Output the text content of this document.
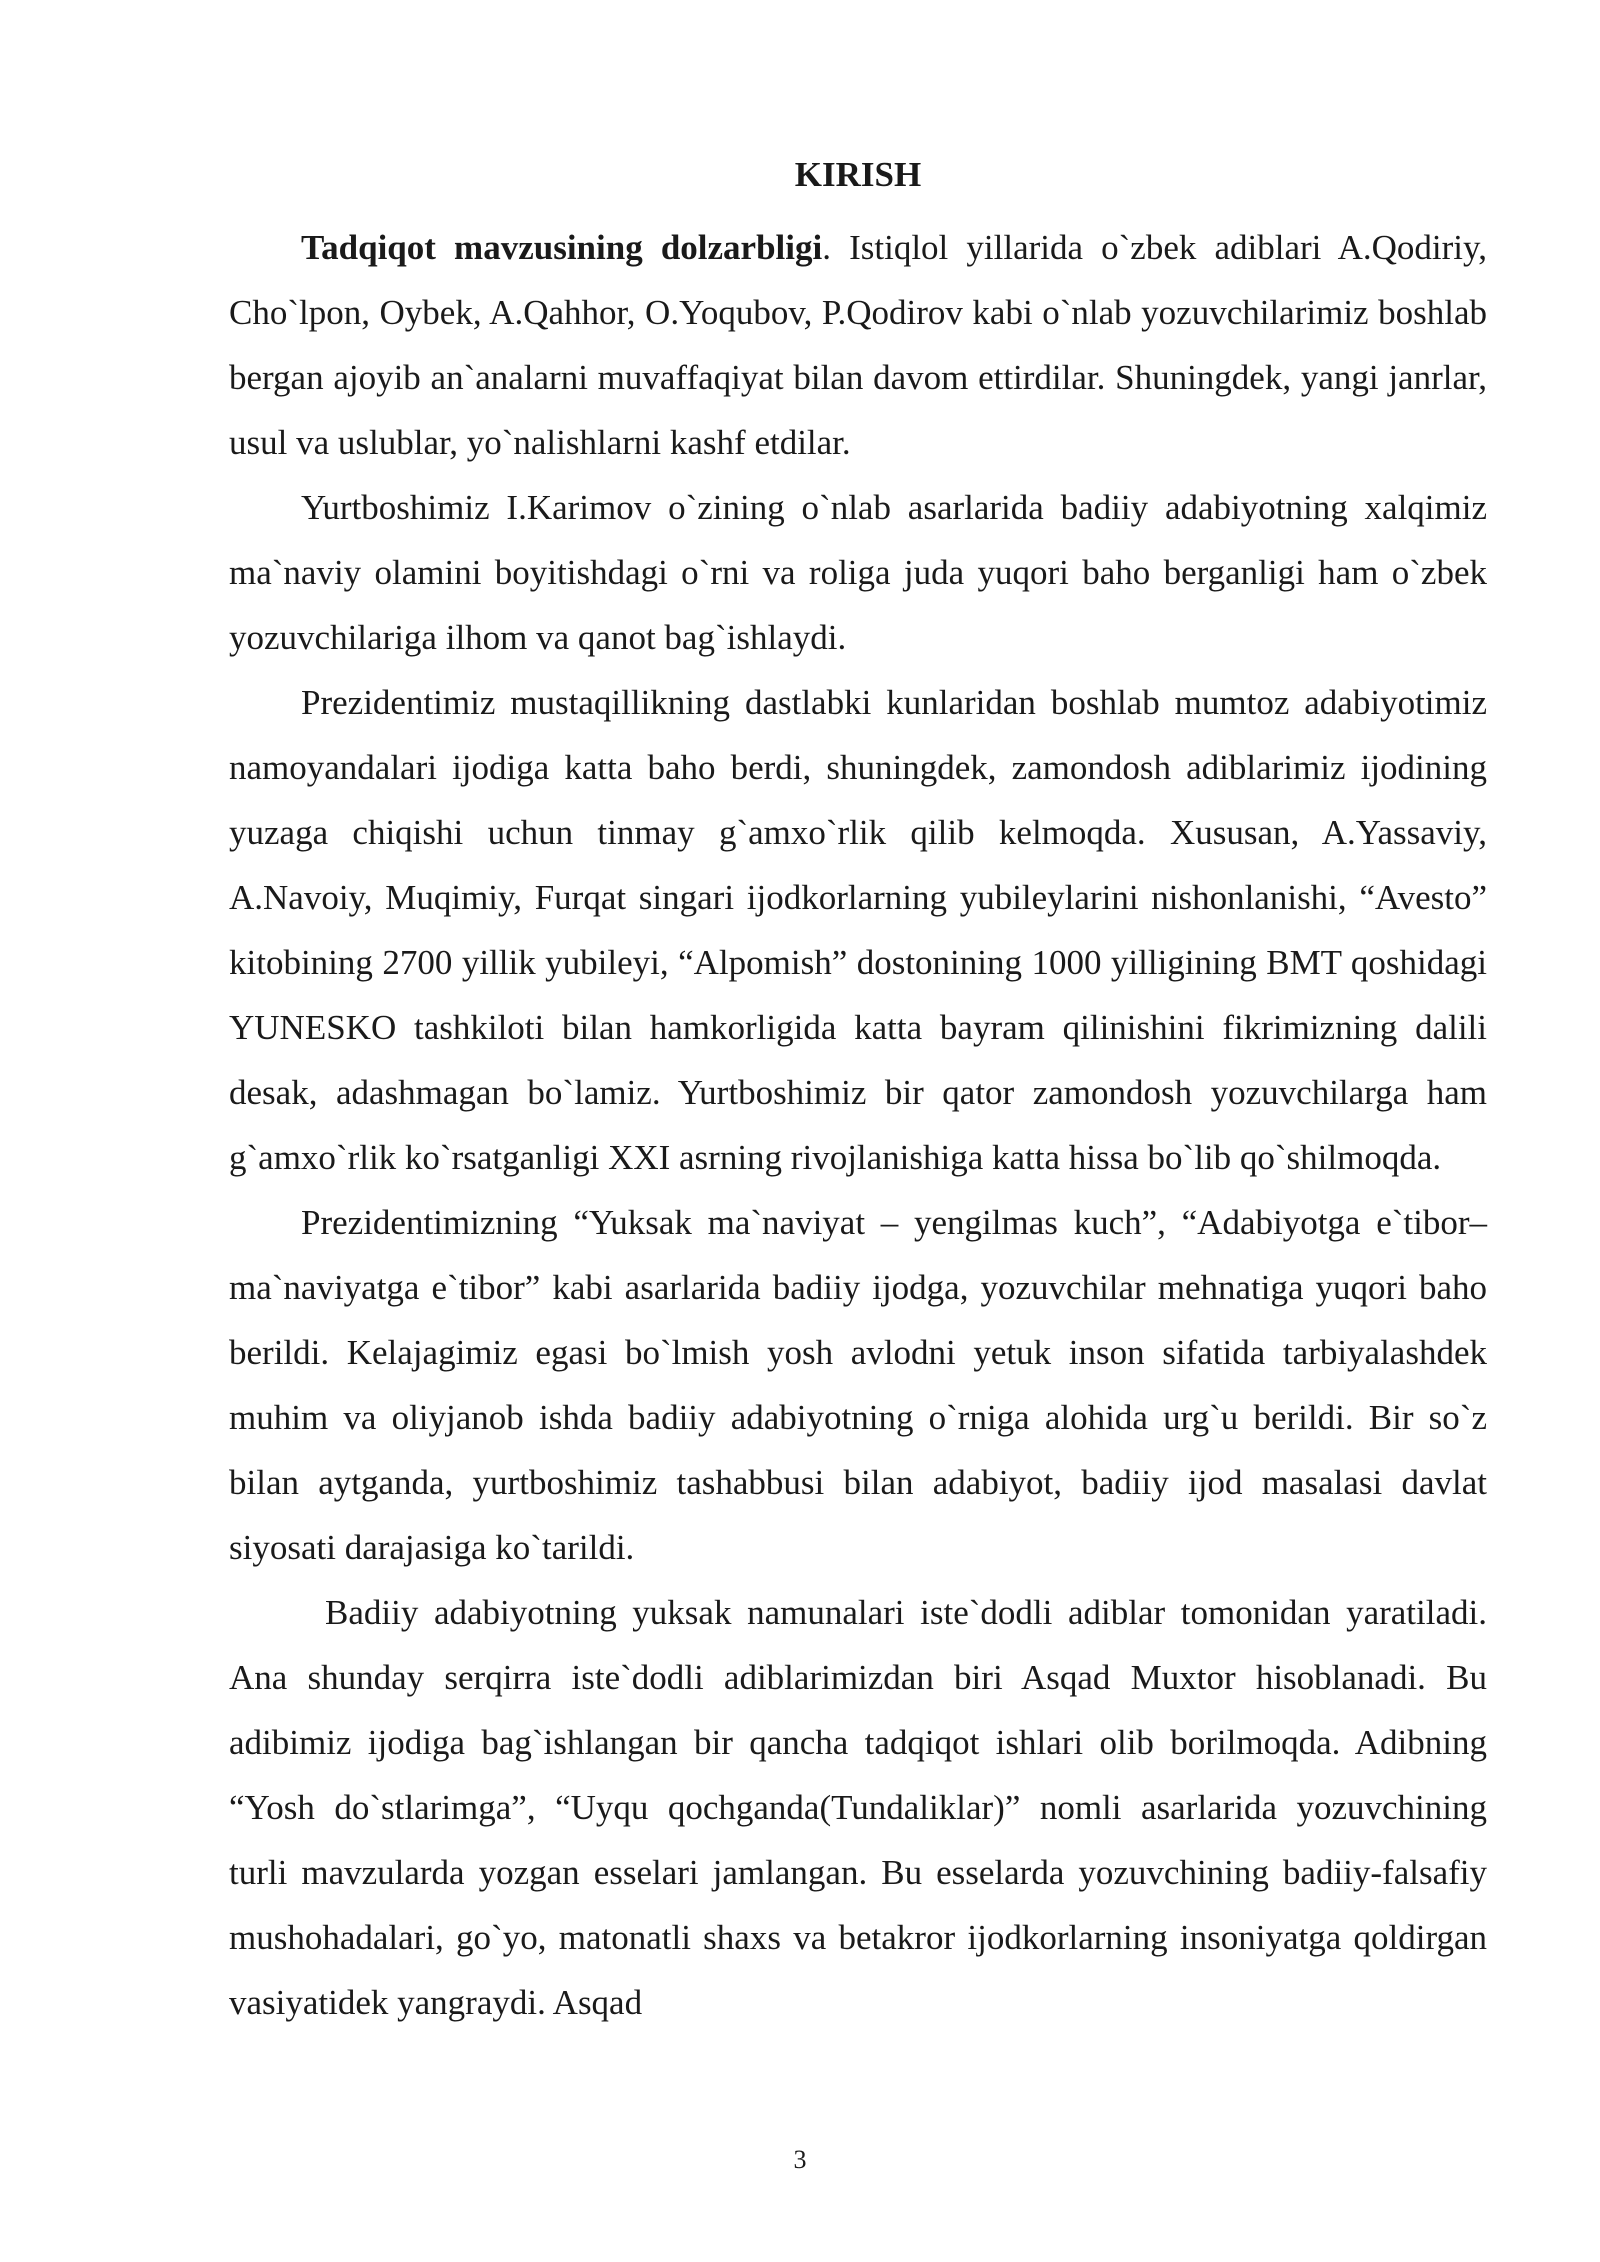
KIRISH

Tadqiqot mavzusining dolzarbligi. Istiqlol yillarida o`zbek adiblari A.Qodiriy, Cho`lpon, Oybek, A.Qahhor, O.Yoqubov, P.Qodirov kabi o`nlab yozuvchilarimiz boshlab bergan ajoyib an`analarni muvaffaqiyat bilan davom ettirdilar. Shuningdek, yangi janrlar, usul va uslublar, yo`nalishlarni kashf etdilar.

Yurtboshimiz I.Karimov o`zining o`nlab asarlarida badiiy adabiyotning xalqimiz ma`naviy olamini boyitishdagi o`rni va roliga juda yuqori baho berganligi ham o`zbek yozuvchilariga ilhom va qanot bag`ishlaydi.

Prezidentimiz mustaqillikning dastlabki kunlaridan boshlab mumtoz adabiyotimiz namoyandalari ijodiga katta baho berdi, shuningdek, zamondosh adiblarimiz ijodining yuzaga chiqishi uchun tinmay g`amxo`rlik qilib kelmoqda. Xususan, A.Yassaviy, A.Navoiy, Muqimiy, Furqat singari ijodkorlarning yubileylarini nishonlanishi, “Avesto” kitobining 2700 yillik yubileyi, “Alpomish” dostonining 1000 yilligining BMT qoshidagi YUNESKO tashkiloti bilan hamkorligida katta bayram qilinishini fikrimizning dalili desak, adashmagan bo`lamiz. Yurtboshimiz bir qator zamondosh yozuvchilarga ham g`amxo`rlik ko`rsatganligi XXI asrning rivojlanishiga katta hissa bo`lib qo`shilmoqda.

Prezidentimizning “Yuksak ma`naviyat – yengilmas kuch”, “Adabiyotga e`tibor–ma`naviyatga e`tibor” kabi asarlarida badiiy ijodga, yozuvchilar mehnatiga yuqori baho berildi. Kelajagimiz egasi bo`lmish yosh avlodni yetuk inson sifatida tarbiyalashdek muhim va oliyjanob ishda badiiy adabiyotning o`rniga alohida urg`u berildi. Bir so`z bilan aytganda, yurtboshimiz tashabbusi bilan adabiyot, badiiy ijod masalasi davlat siyosati darajasiga ko`tarildi.

Badiiy adabiyotning yuksak namunalari iste`dodli adiblar tomonidan yaratiladi. Ana shunday serqirra iste`dodli adiblarimizdan biri Asqad Muxtor hisoblanadi. Bu adibimiz ijodiga bag`ishlangan bir qancha tadqiqot ishlari olib borilmoqda. Adibning “Yosh do`stlarimga”, “Uyqu qochganda(Tundaliklar)” nomli asarlarida yozuvchining turli mavzularda yozgan esselari jamlangan. Bu esselarda yozuvchining badiiy-falsafiy mushohadalari, go`yo, matonatli shaxs va betakror ijodkorlarning insoniyatga qoldirgan vasiyatidek yangraydi. Asqad

3
